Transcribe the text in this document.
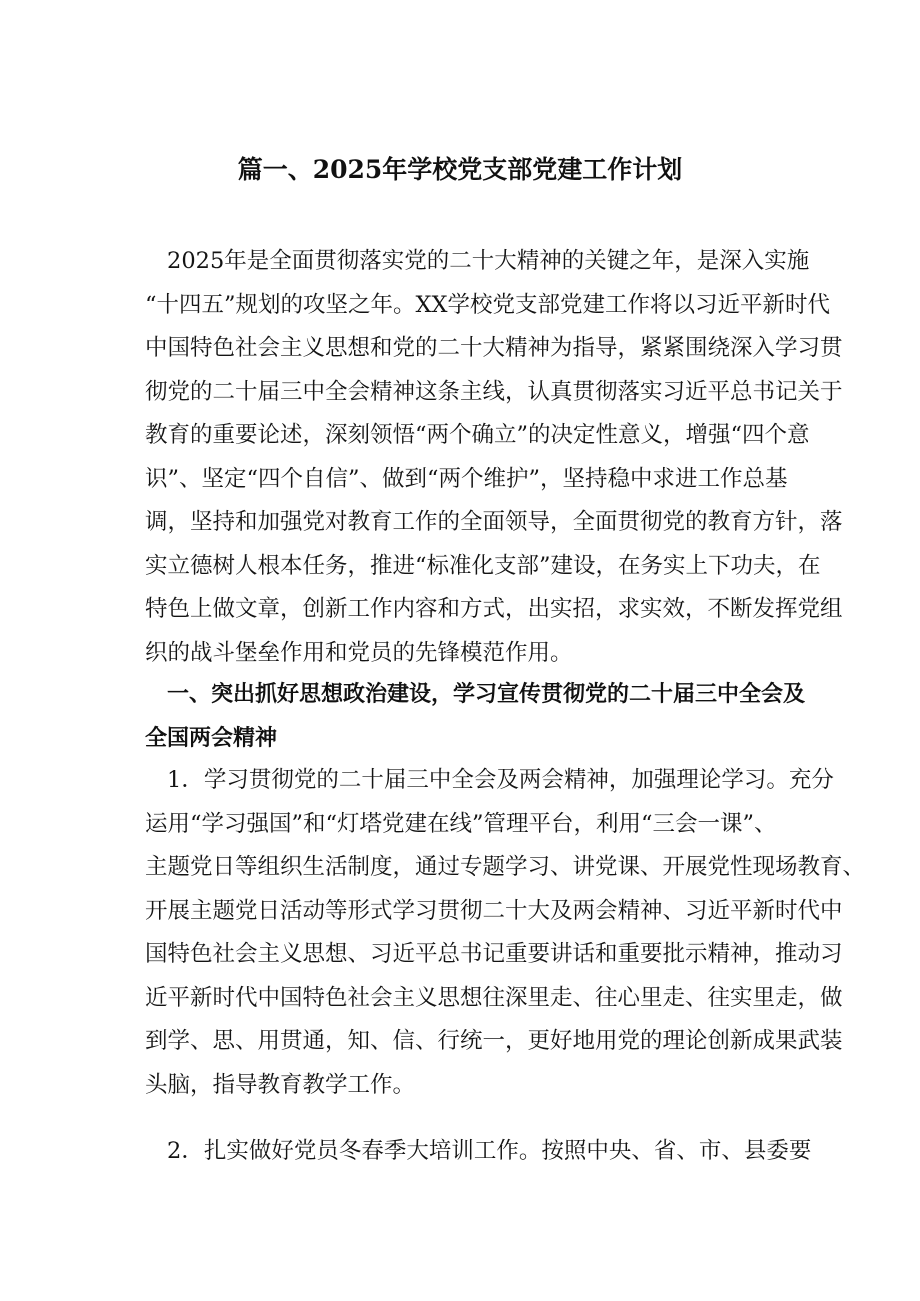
篇一、2025年学校党支部党建工作计划
2025年是全面贯彻落实党的二十大精神的关键之年，是深入实施
“十四五”规划的攻坚之年。XX学校党支部党建工作将以习近平新时代
中国特色社会主义思想和党的二十大精神为指导，紧紧围绕深入学习贯
彻党的二十届三中全会精神这条主线，认真贯彻落实习近平总书记关于
教育的重要论述，深刻领悟“两个确立”的决定性意义，增强“四个意
识”、坚定“四个自信”、做到“两个维护”，坚持稳中求进工作总基
调，坚持和加强党对教育工作的全面领导，全面贯彻党的教育方针，落
实立德树人根本任务，推进“标准化支部”建设，在务实上下功夫，在
特色上做文章，创新工作内容和方式，出实招，求实效，不断发挥党组
织的战斗堡垒作用和党员的先锋模范作用。
一、突出抓好思想政治建设，学习宣传贯彻党的二十届三中全会及
全国两会精神
1．学习贯彻党的二十届三中全会及两会精神，加强理论学习。充分
运用“学习强国”和“灯塔党建在线”管理平台，利用“三会一课”、
主题党日等组织生活制度，通过专题学习、讲党课、开展党性现场教育、
开展主题党日活动等形式学习贯彻二十大及两会精神、习近平新时代中
国特色社会主义思想、习近平总书记重要讲话和重要批示精神，推动习
近平新时代中国特色社会主义思想往深里走、往心里走、往实里走，做
到学、思、用贯通，知、信、行统一，更好地用党的理论创新成果武装
头脑，指导教育教学工作。
2．扎实做好党员冬春季大培训工作。按照中央、省、市、县委要
